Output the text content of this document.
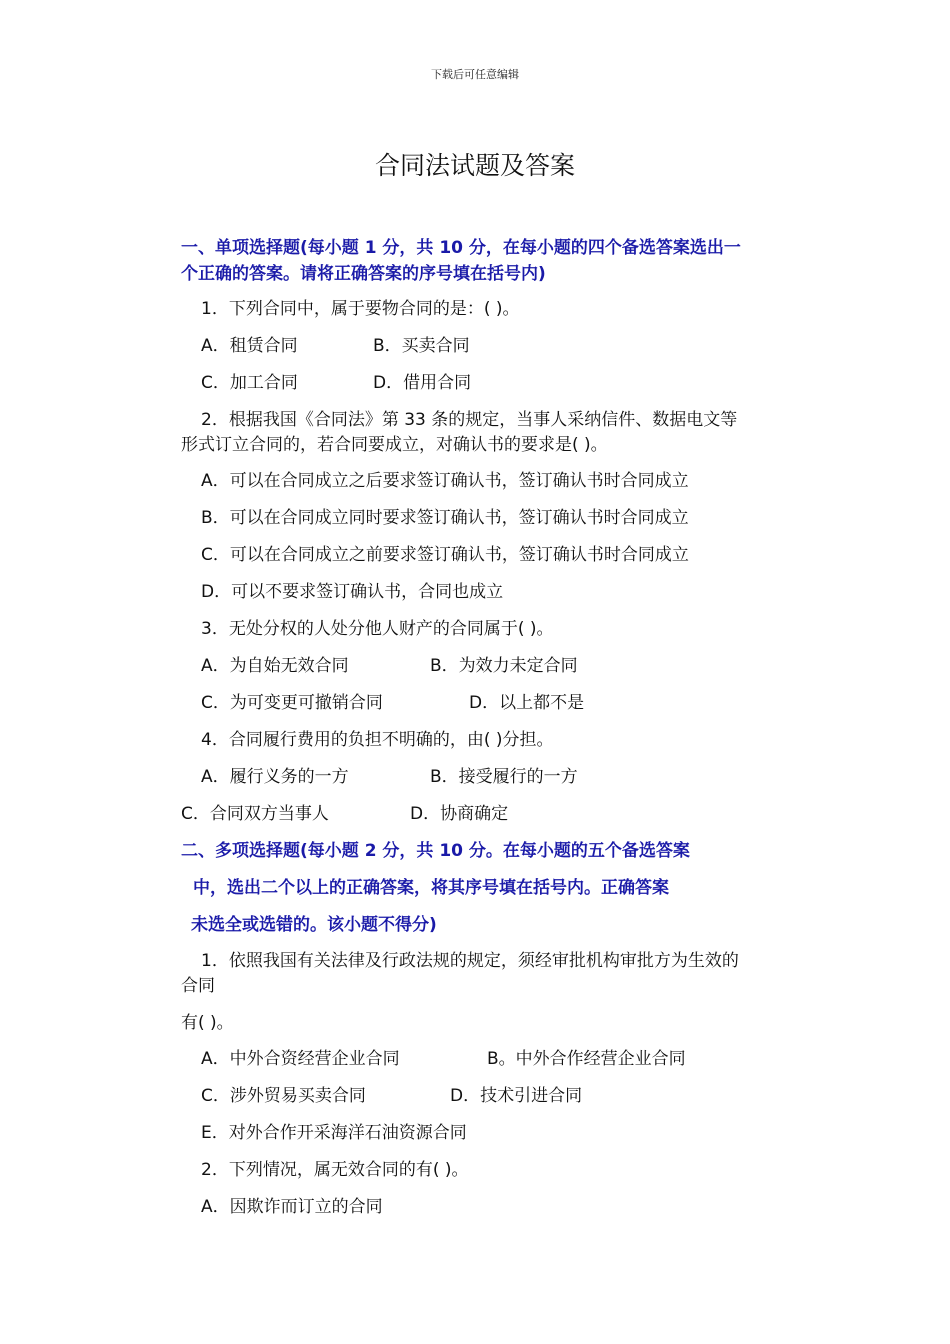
下载后可任意编辑
合同法试题及答案
一、单项选择题(每小题 1 分，共 10 分，在每小题的四个备选答案选出一
个正确的答案。请将正确答案的序号填在括号内)
1．下列合同中，属于要物合同的是：( )。
A．租赁合同	B．买卖合同
C．加工合同	D．借用合同
2．根据我国《合同法》第 33 条的规定，当事人采纳信件、数据电文等
形式订立合同的，若合同要成立，对确认书的要求是( )。
A．可以在合同成立之后要求签订确认书，签订确认书时合同成立
B．可以在合同成立同时要求签订确认书，签订确认书时合同成立
C．可以在合同成立之前要求签订确认书，签订确认书时合同成立
D．可以不要求签订确认书，合同也成立
3．无处分权的人处分他人财产的合同属于( )。
A．为自始无效合同	B．为效力未定合同
C．为可变更可撤销合同	D．以上都不是
4．合同履行费用的负担不明确的，由( )分担。
A．履行义务的一方	B．接受履行的一方
C．合同双方当事人	D．协商确定
二、多项选择题(每小题 2 分，共 10 分。在每小题的五个备选答案
中，选出二个以上的正确答案，将其序号填在括号内。正确答案
未选全或选错的。该小题不得分)
1．依照我国有关法律及行政法规的规定，须经审批机构审批方为生效的
合同
有( )。
A．中外合资经营企业合同	B。中外合作经营企业合同
C．涉外贸易买卖合同	D．技术引进合同
E．对外合作开采海洋石油资源合同
2．下列情况，属无效合同的有( )。
A．因欺诈而订立的合同
